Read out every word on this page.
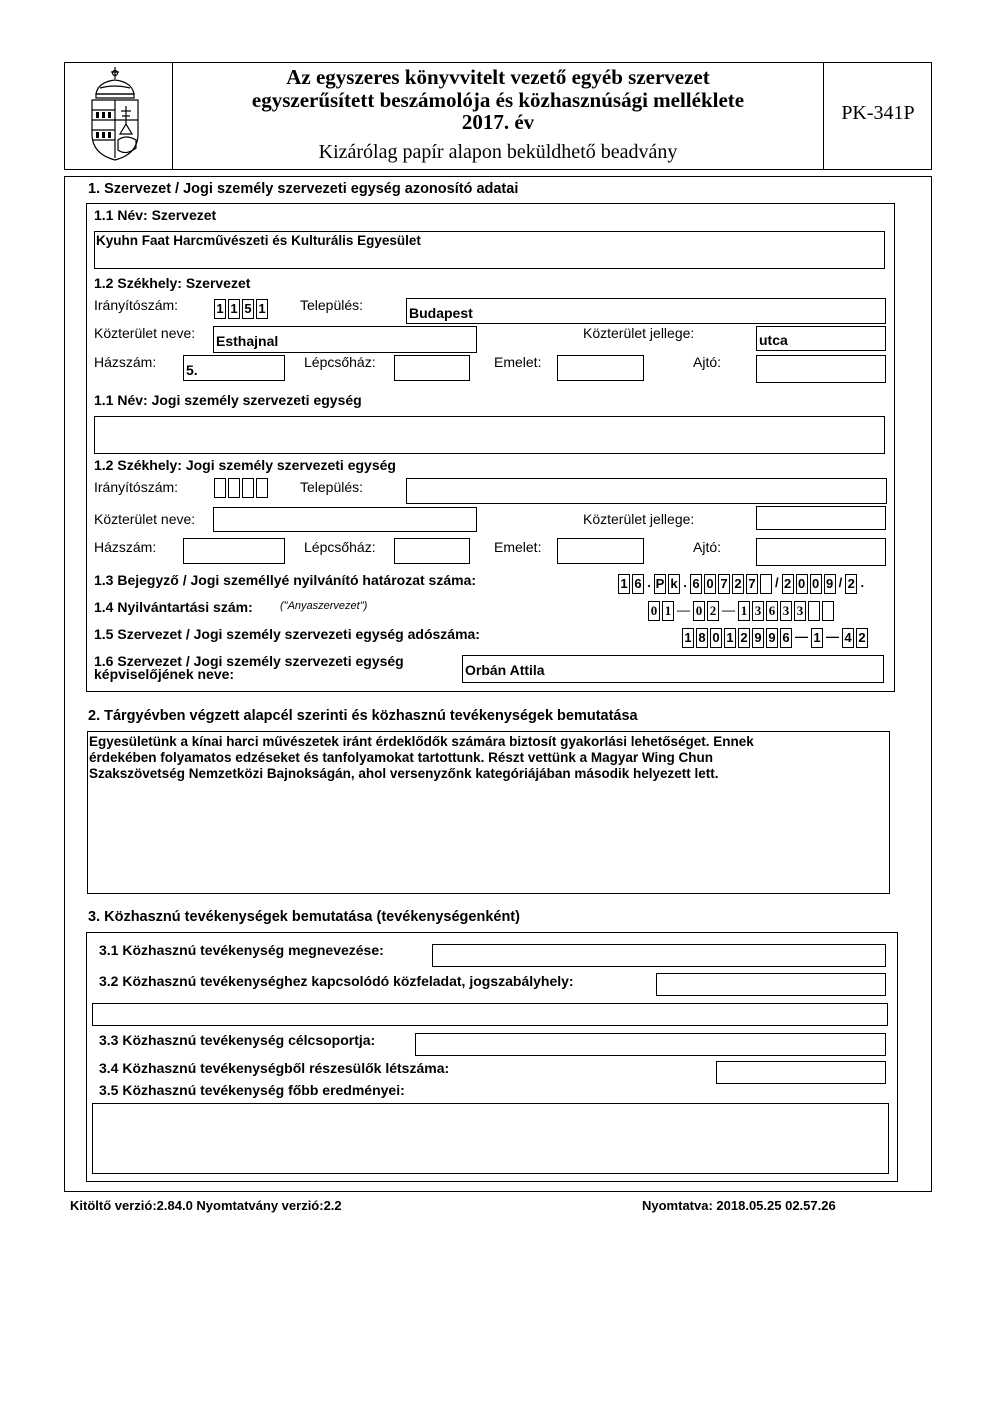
Az egyszeres könyvvitelt vezető egyéb szervezet
egyszerűsített beszámolója és közhasznúsági melléklete
2017. év
Kizárólag papír alapon beküldhető beadvány
PK-341P
1. Szervezet / Jogi személy szervezeti egység azonosító adatai
1.1 Név: Szervezet
Kyuhn Faat Harcművészeti és Kulturális Egyesület
1.2 Székhely: Szervezet
Irányítószám:	1 1 5 1 Település:	Budapest
Közterület neve: Esthajnal	Közterület jellege:	utca
Házszám: 5.	Lépcsőház:	Emelet:	Ajtó:
1.1 Név: Jogi személy szervezeti egység
1.2 Székhely: Jogi személy szervezeti egység
Irányítószám:	Település:
Közterület neve:	Közterület jellege:
Házszám:	Lépcsőház:	Emelet:	Ajtó:
1.3 Bejegyző / Jogi személlyé nyilvánító határozat száma:	1 6 . P k . 6 0 7 2 7 / 2 0 0 9 / 2 .
1.4 Nyilvántartási szám: ("Anyaszervezet")	0 1 — 0 2 — 1 3 6 3 3
1.5 Szervezet / Jogi személy szervezeti egység adószáma:	1 8 0 1 2 9 9 6 — 1 — 4 2
1.6 Szervezet / Jogi személy szervezeti egység
képviselőjének neve:	Orbán Attila
2. Tárgyévben végzett alapcél szerinti és közhasznú tevékenységek bemutatása
Egyesületünk a kínai harci művészetek iránt érdeklődők számára biztosít gyakorlási lehetőséget. Ennek
érdekében folyamatos edzéseket és tanfolyamokat tartottunk. Részt vettünk a Magyar Wing Chun
Szakszövetség Nemzetközi Bajnokságán, ahol versenyzőnk kategóriájában második helyezett lett.
3. Közhasznú tevékenységek bemutatása (tevékenységenként)
3.1 Közhasznú tevékenység megnevezése:
3.2 Közhasznú tevékenységhez kapcsolódó közfeladat, jogszabályhely:
3.3 Közhasznú tevékenység célcsoportja:
3.4 Közhasznú tevékenységből részesülők létszáma:
3.5 Közhasznú tevékenység főbb eredményei:
Kitöltő verzió:2.84.0 Nyomtatvány verzió:2.2	Nyomtatva: 2018.05.25 02.57.26
